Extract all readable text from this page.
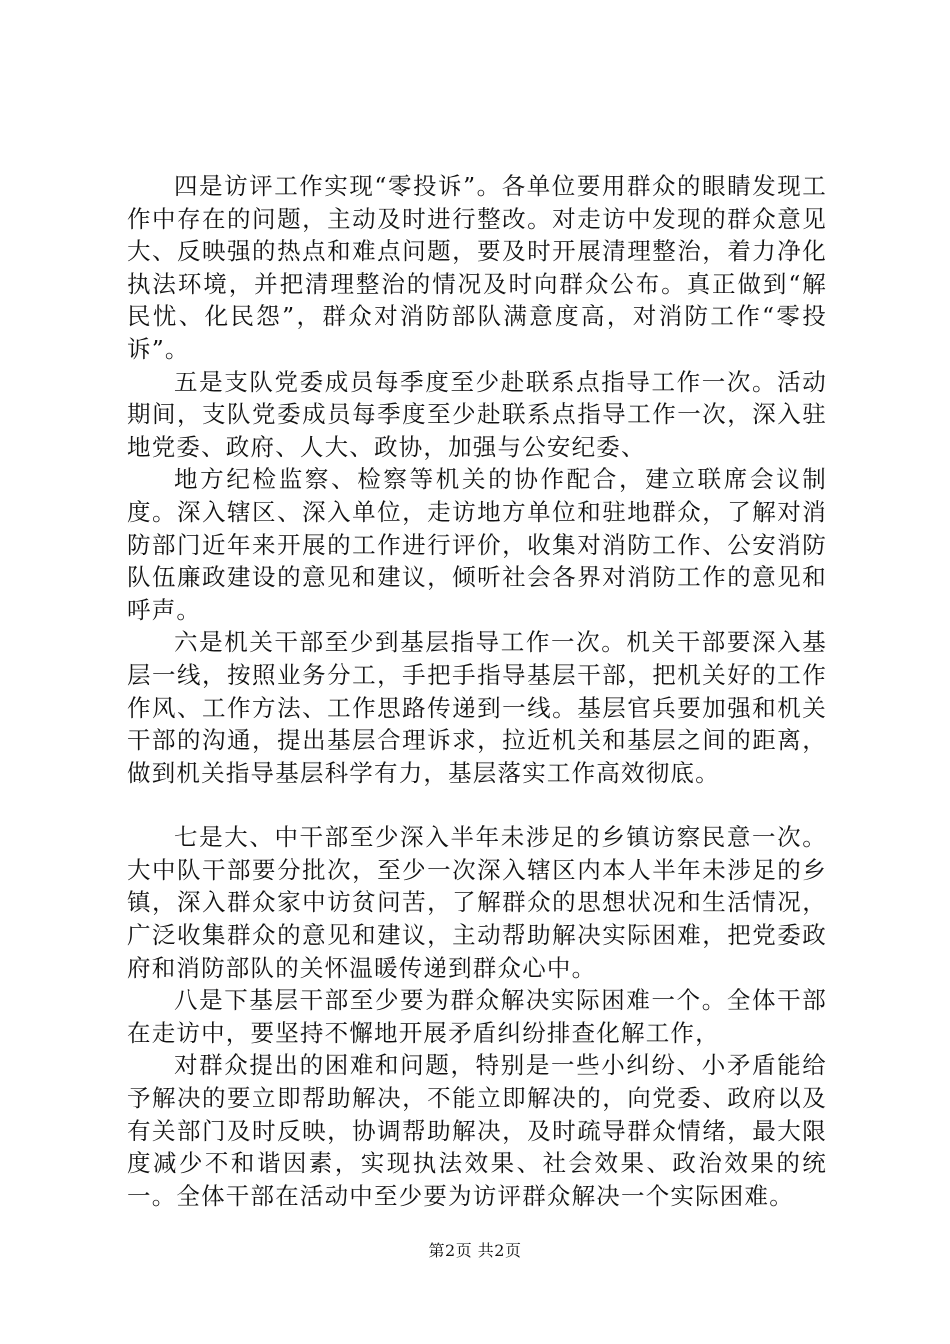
四是访评工作实现“零投诉”。各单位要用群众的眼睛发现工作中存在的问题，主动及时进行整改。对走访中发现的群众意见大、反映强的热点和难点问题，要及时开展清理整治，着力净化执法环境，并把清理整治的情况及时向群众公布。真正做到“解民忧、化民怨”，群众对消防部队满意度高，对消防工作“零投诉”。

五是支队党委成员每季度至少赴联系点指导工作一次。活动期间，支队党委成员每季度至少赴联系点指导工作一次，深入驻地党委、政府、人大、政协，加强与公安纪委、

地方纪检监察、检察等机关的协作配合，建立联席会议制度。深入辖区、深入单位，走访地方单位和驻地群众，了解对消防部门近年来开展的工作进行评价，收集对消防工作、公安消防队伍廉政建设的意见和建议，倾听社会各界对消防工作的意见和呼声。

六是机关干部至少到基层指导工作一次。机关干部要深入基层一线，按照业务分工，手把手指导基层干部，把机关好的工作作风、工作方法、工作思路传递到一线。基层官兵要加强和机关干部的沟通，提出基层合理诉求，拉近机关和基层之间的距离，做到机关指导基层科学有力，基层落实工作高效彻底。

七是大、中干部至少深入半年未涉足的乡镇访察民意一次。大中队干部要分批次，至少一次深入辖区内本人半年未涉足的乡镇，深入群众家中访贫问苦，了解群众的思想状况和生活情况，广泛收集群众的意见和建议，主动帮助解决实际困难，把党委政府和消防部队的关怀温暖传递到群众心中。

八是下基层干部至少要为群众解决实际困难一个。全体干部在走访中，要坚持不懈地开展矛盾纠纷排查化解工作，

对群众提出的困难和问题，特别是一些小纠纷、小矛盾能给予解决的要立即帮助解决，不能立即解决的，向党委、政府以及有关部门及时反映，协调帮助解决，及时疏导群众情绪，最大限度减少不和谐因素，实现执法效果、社会效果、政治效果的统一。全体干部在活动中至少要为访评群众解决一个实际困难。

第2页 共2页
